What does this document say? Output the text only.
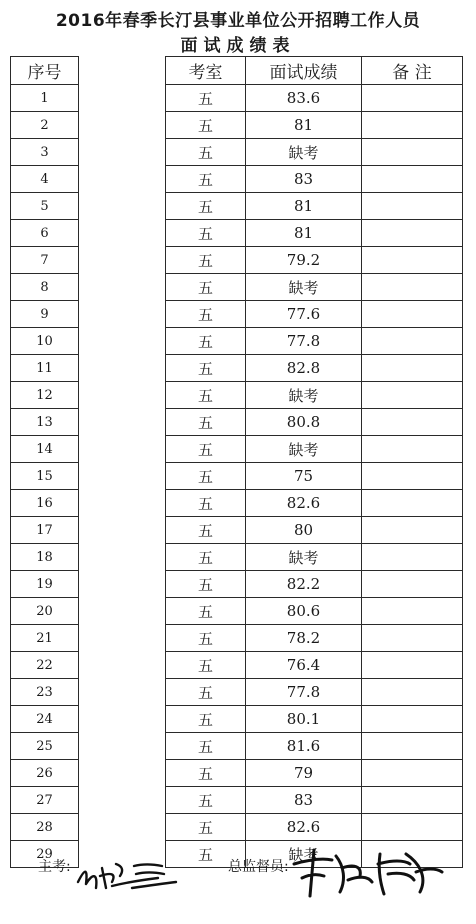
2016年春季长汀县事业单位公开招聘工作人员
面试成绩表
序号		考室	面试成绩	备 注
1		五	83.6	
2		五	81	
3		五	缺考	
4		五	83	
5		五	81	
6		五	81	
7		五	79.2	
8		五	缺考	
9		五	77.6	
10		五	77.8	
11		五	82.8	
12		五	缺考	
13		五	80.8	
14		五	缺考	
15		五	75	
16		五	82.6	
17		五	80	
18		五	缺考	
19		五	82.2	
20		五	80.6	
21		五	78.2	
22		五	76.4	
23		五	77.8	
24		五	80.1	
25		五	81.6	
26		五	79	
27		五	83	
28		五	82.6	
29		五	缺考	
主考:	总监督员:
